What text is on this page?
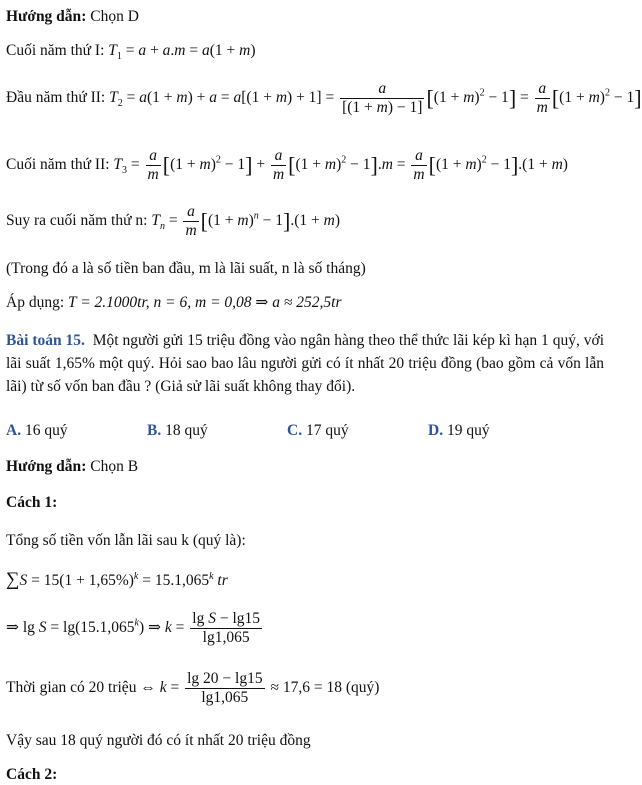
Hướng dẫn: Chọn D
Cuối năm thứ I: $T_1 = a + a.m = a(1 + m)$
Đầu năm thứ II: $T_2 = a(1 + m) + a = a[(1 + m) + 1] = \frac{a}{[(1 + m) - 1]} [(1 + m)^2 - 1] = \frac{a}{m} [(1 + m)^2 - 1]$
Cuối năm thứ II: $T_3 = \frac{a}{m} [(1 + m)^2 - 1] + \frac{a}{m} [(1 + m)^2 - 1].m = \frac{a}{m} [(1 + m)^2 - 1].(1 + m)$
Suy ra cuối năm thứ n: $T_n = \frac{a}{m} [(1 + m)^n - 1].(1 + m)$
(Trong đó a là số tiền ban đầu, m là lãi suất, n là số tháng)
Áp dụng: T = 2.1000tr, n = 6, m = 0,08 ⇒ a ≈ 252,5tr
Bài toán 15. Một người gửi 15 triệu đồng vào ngân hàng theo thể thức lãi kép kì hạn 1 quý, với lãi suất 1,65% một quý. Hỏi sao bao lâu người gửi có ít nhất 20 triệu đồng (bao gồm cả vốn lẫn lãi) từ số vốn ban đầu ? (Giả sử lãi suất không thay đổi).
A. 16 quý	B. 18 quý	C. 17 quý	D. 19 quý
Hướng dẫn: Chọn B
Cách 1:
Tổng số tiền vốn lẫn lãi sau k (quý là):
$\sum S = 15(1 + 1,65\%)^k = 15.1,065^k$ tr
⇒ $\lg S = \lg(15.1,065^k)$ ⇒ $k = \frac{\text{lg S − lg15}}{\lg 1,065}$
Thời gian có 20 triệu ⇔ $k = \frac{\lg 20 - \lg 15}{\lg 1,065} \approx 17,6 = 18$ (quý)
Vậy sau 18 quý người đó có ít nhất 20 triệu đồng
Cách 2:
